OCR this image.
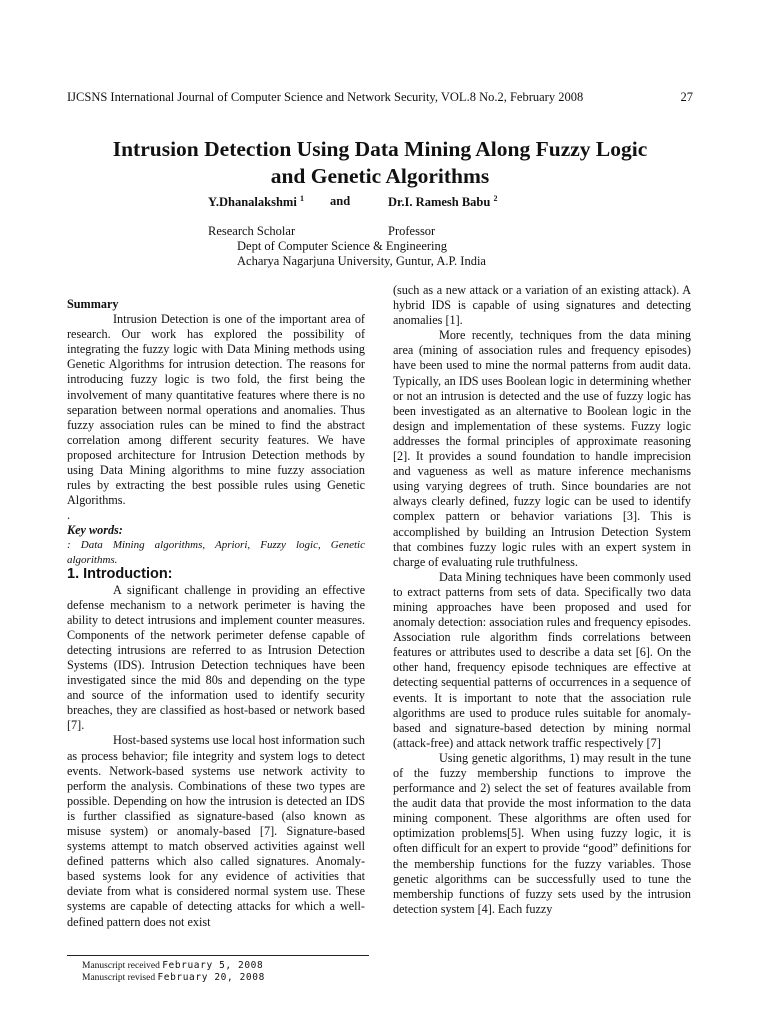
IJCSNS International Journal of Computer Science and Network Security, VOL.8 No.2, February 2008	27
Intrusion Detection Using Data Mining Along Fuzzy Logic
and Genetic Algorithms
Y.Dhanalakshmi $^1$ and	Dr.I. Ramesh Babu $^2$
Research Scholar	Professor
Dept of Computer Science & Engineering
Acharya Nagarjuna University, Guntur, A.P. India

Summary

Intrusion Detection is one of the important area of research. Our work has explored the possibility of integrating the fuzzy logic with Data Mining methods using Genetic Algorithms for intrusion detection. The reasons for introducing fuzzy logic is two fold, the first being the involvement of many quantitative features where there is no separation between normal operations and anomalies. Thus fuzzy association rules can be mined to find the abstract correlation among different security features. We have proposed architecture for Intrusion Detection methods by using Data Mining algorithms to mine fuzzy association rules by extracting the best possible rules using Genetic Algorithms.

.

Key words:

: Data Mining algorithms, Apriori, Fuzzy logic, Genetic algorithms.

1. Introduction:

A significant challenge in providing an effective defense mechanism to a network perimeter is having the ability to detect intrusions and implement counter measures. Components of the network perimeter defense capable of detecting intrusions are referred to as Intrusion Detection Systems (IDS). Intrusion Detection techniques have been investigated since the mid 80s and depending on the type and source of the information used to identify security breaches, they are classified as host-based or network based [7].

Host-based systems use local host information such as process behavior; file integrity and system logs to detect events. Network-based systems use network activity to perform the analysis. Combinations of these two types are possible. Depending on how the intrusion is detected an IDS is further classified as signature-based (also known as misuse system) or anomaly-based [7]. Signature-based systems attempt to match observed activities against well defined patterns which also called signatures. Anomaly-based systems look for any evidence of activities that deviate from what is considered normal system use. These systems are capable of detecting attacks for which a well-defined pattern does not exist

(such as a new attack or a variation of an existing attack). A hybrid IDS is capable of using signatures and detecting anomalies [1].

More recently, techniques from the data mining area (mining of association rules and frequency episodes) have been used to mine the normal patterns from audit data. Typically, an IDS uses Boolean logic in determining whether or not an intrusion is detected and the use of fuzzy logic has been investigated as an alternative to Boolean logic in the design and implementation of these systems. Fuzzy logic addresses the formal principles of approximate reasoning [2]. It provides a sound foundation to handle imprecision and vagueness as well as mature inference mechanisms using varying degrees of truth. Since boundaries are not always clearly defined, fuzzy logic can be used to identify complex pattern or behavior variations [3]. This is accomplished by building an Intrusion Detection System that combines fuzzy logic rules with an expert system in charge of evaluating rule truthfulness.

Data Mining techniques have been commonly used to extract patterns from sets of data. Specifically two data mining approaches have been proposed and used for anomaly detection: association rules and frequency episodes. Association rule algorithm finds correlations between features or attributes used to describe a data set [6]. On the other hand, frequency episode techniques are effective at detecting sequential patterns of occurrences in a sequence of events. It is important to note that the association rule algorithms are used to produce rules suitable for anomaly-based and signature-based detection by mining normal (attack-free) and attack network traffic respectively [7]

Using genetic algorithms, 1) may result in the tune of the fuzzy membership functions to improve the performance and 2) select the set of features available from the audit data that provide the most information to the data mining component. These algorithms are often used for optimization problems[5]. When using fuzzy logic, it is often difficult for an expert to provide “good” definitions for the membership functions for the fuzzy variables. Those genetic algorithms can be successfully used to tune the membership functions of fuzzy sets used by the intrusion detection system [4]. Each fuzzy

Manuscript received February 5, 2008
Manuscript revised February 20, 2008
